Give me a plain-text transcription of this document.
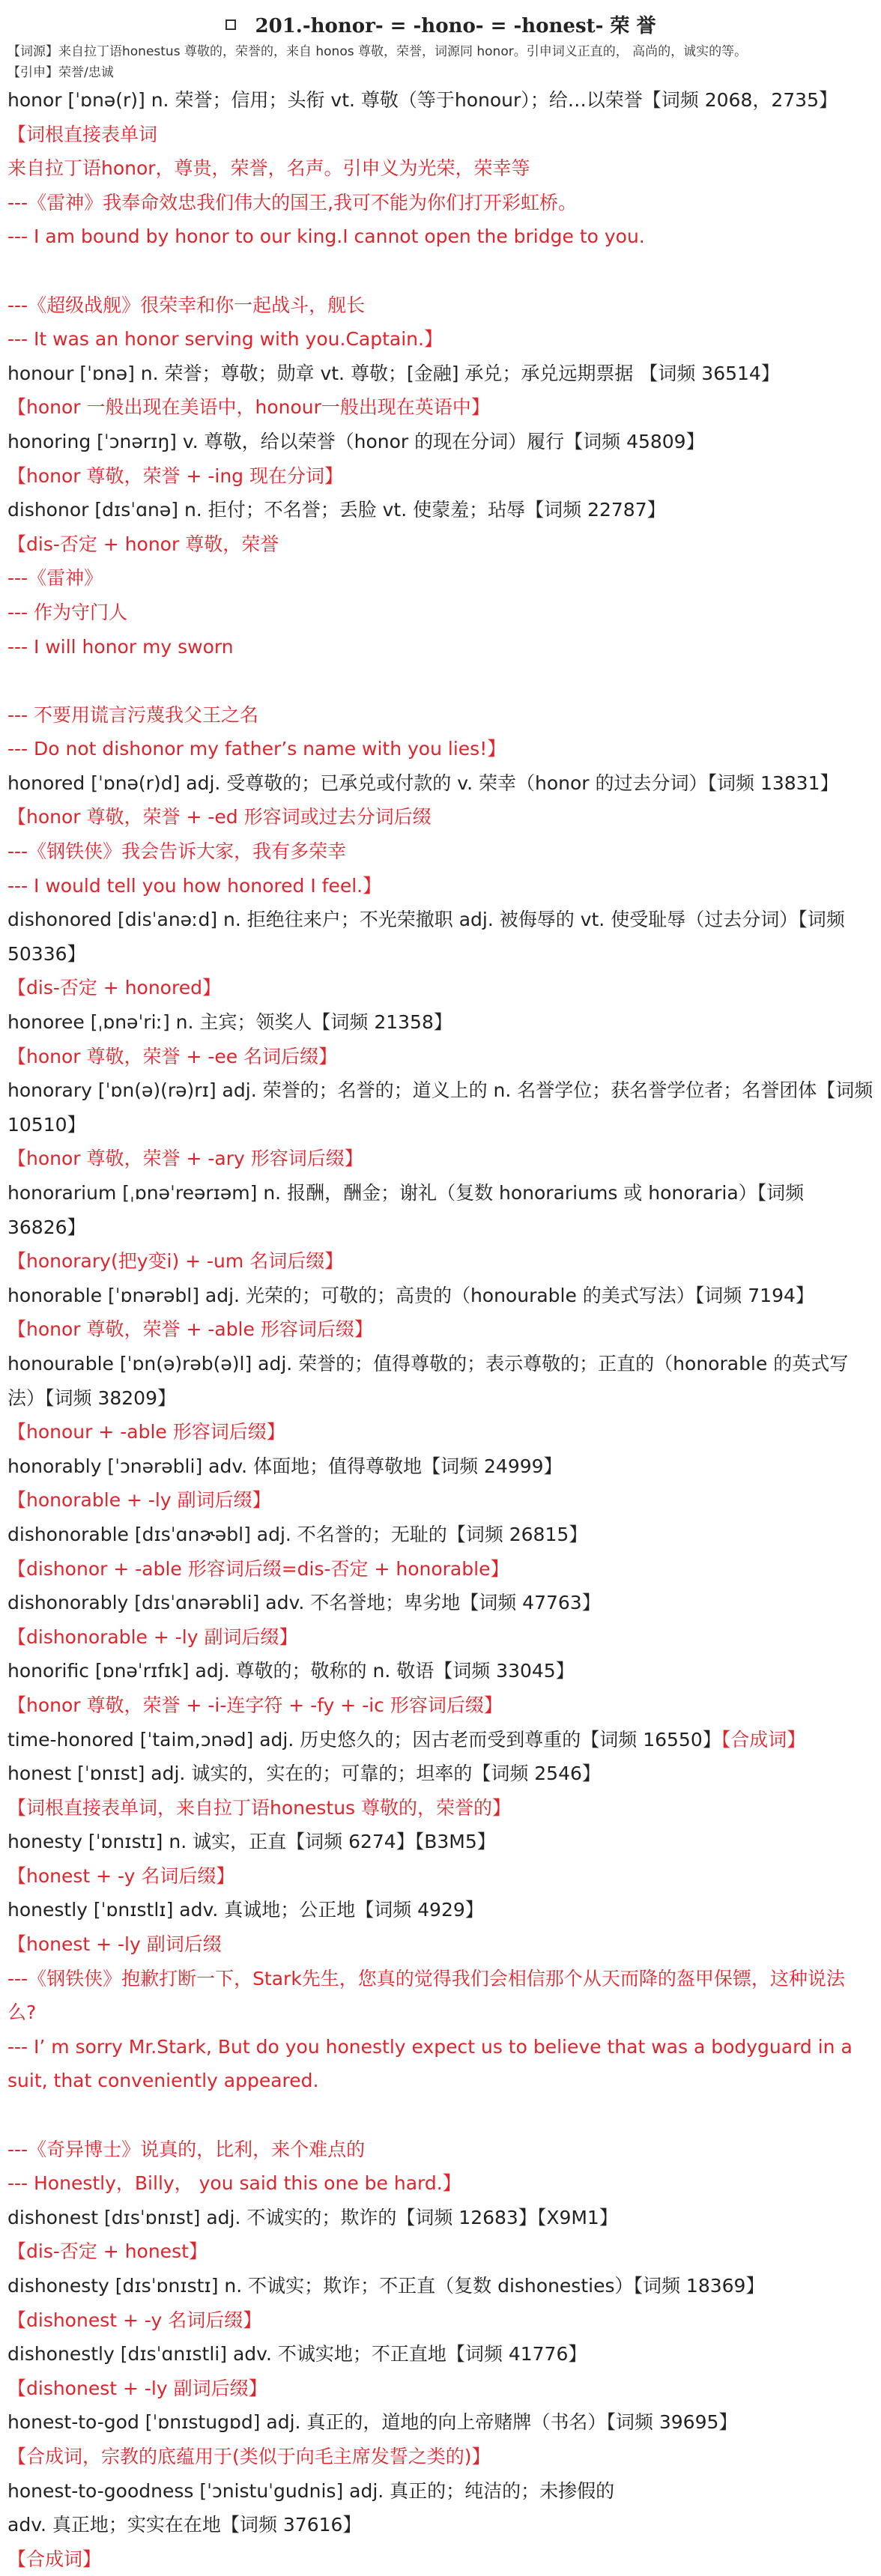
201.-honor- = -hono- = -honest- 荣 誉
【词源】来自拉丁语honestus 尊敬的，荣誉的，来自 honos 尊敬，荣誉，词源同 honor。引申词义正直的， 高尚的，诚实的等。
【引申】荣誉/忠诚
honor [ˈɒnə(r)] n. 荣誉；信用；头衔 vt. 尊敬（等于honour）；给…以荣誉【词频 2068，2735】
【词根直接表单词
来自拉丁语honor，尊贵，荣誉，名声。引申义为光荣，荣幸等
---《雷神》我奉命效忠我们伟大的国王,我可不能为你们打开彩虹桥。
--- I am bound by honor to our king.I cannot open the bridge to you.
---《超级战舰》很荣幸和你一起战斗，舰长
--- It was an honor serving with you.Captain.】
honour [ˈɒnə] n. 荣誉；尊敬；勋章 vt. 尊敬；[金融] 承兑；承兑远期票据 【词频 36514】
【honor 一般出现在美语中，honour一般出现在英语中】
honoring [ˈɔnərɪŋ] v. 尊敬，给以荣誉（honor 的现在分词）履行【词频 45809】
【honor 尊敬，荣誉 + -ing 现在分词】
dishonor [dɪsˈɑnə] n. 拒付；不名誉；丢脸 vt. 使蒙羞；玷辱【词频 22787】
【dis-否定 + honor 尊敬，荣誉
---《雷神》
--- 作为守门人
--- I will honor my sworn
--- 不要用谎言污蔑我父王之名
--- Do not dishonor my father’s name with you lies!】
honored [ˈɒnə(r)d] adj. 受尊敬的；已承兑或付款的 v. 荣幸（honor 的过去分词）【词频 13831】
【honor 尊敬，荣誉 + -ed 形容词或过去分词后缀
---《钢铁侠》我会告诉大家，我有多荣幸
--- I would tell you how honored I feel.】
dishonored [disˈanəːd] n. 拒绝往来户；不光荣撤职 adj. 被侮辱的 vt. 使受耻辱（过去分词）【词频 50336】
【dis-否定 + honored】
honoree [ˌɒnəˈriː] n. 主宾；领奖人【词频 21358】
【honor 尊敬，荣誉 + -ee 名词后缀】
honorary [ˈɒn(ə)(rə)rɪ] adj. 荣誉的；名誉的；道义上的 n. 名誉学位；获名誉学位者；名誉团体【词频 10510】
【honor 尊敬，荣誉 + -ary 形容词后缀】
honorarium [ˌɒnəˈreərɪəm] n. 报酬，酬金；谢礼（复数 honorariums 或 honoraria）【词频 36826】
【honorary(把y变i) + -um 名词后缀】
honorable [ˈɒnərəbl] adj. 光荣的；可敬的；高贵的（honourable 的美式写法）【词频 7194】
【honor 尊敬，荣誉 + -able 形容词后缀】
honourable [ˈɒn(ə)rəb(ə)l] adj. 荣誉的；值得尊敬的；表示尊敬的；正直的（honorable 的英式写法）【词频 38209】
【honour + -able 形容词后缀】
honorably [ˈɔnərəbli] adv. 体面地；值得尊敬地【词频 24999】
【honorable + -ly 副词后缀】
dishonorable [dɪsˈɑnɚəbl] adj. 不名誉的；无耻的【词频 26815】
【dishonor + -able 形容词后缀=dis-否定 + honorable】
dishonorably [dɪsˈɑnərəbli] adv. 不名誉地；卑劣地【词频 47763】
【dishonorable + -ly 副词后缀】
honorific [ɒnəˈrɪfɪk] adj. 尊敬的；敬称的 n. 敬语【词频 33045】
【honor 尊敬，荣誉 + -i-连字符 + -fy + -ic 形容词后缀】
time-honored [ˈtaim,ɔnəd] adj. 历史悠久的；因古老而受到尊重的【词频 16550】【合成词】
honest [ˈɒnɪst] adj. 诚实的，实在的；可靠的；坦率的【词频 2546】
【词根直接表单词，来自拉丁语honestus 尊敬的，荣誉的】
honesty [ˈɒnɪstɪ] n. 诚实，正直【词频 6274】【B3M5】
【honest + -y 名词后缀】
honestly [ˈɒnɪstlɪ] adv. 真诚地；公正地【词频 4929】
【honest + -ly 副词后缀
---《钢铁侠》抱歉打断一下，Stark先生，您真的觉得我们会相信那个从天而降的盔甲保镖，这种说法么?
--- I’ m sorry Mr.Stark, But do you honestly expect us to believe that was a bodyguard in a suit, that conveniently appeared.
---《奇异博士》说真的，比利，来个难点的
--- Honestly，Billy， you said this one be hard.】
dishonest [dɪsˈɒnɪst] adj. 不诚实的；欺诈的【词频 12683】【X9M1】
【dis-否定 + honest】
dishonesty [dɪsˈɒnɪstɪ] n. 不诚实；欺诈；不正直（复数 dishonesties）【词频 18369】
【dishonest + -y 名词后缀】
dishonestly [dɪsˈɑnɪstli] adv. 不诚实地；不正直地【词频 41776】
【dishonest + -ly 副词后缀】
honest-to-god [ˈɒnɪstugɒd] adj. 真正的，道地的向上帝赌牌（书名）【词频 39695】
【合成词，宗教的底蕴用于(类似于向毛主席发誓之类的)】
honest-to-goodness [ˈɔnistuˈgudnis] adj. 真正的；纯洁的；未掺假的
adv. 真正地；实实在在地【词频 37616】
【合成词】
